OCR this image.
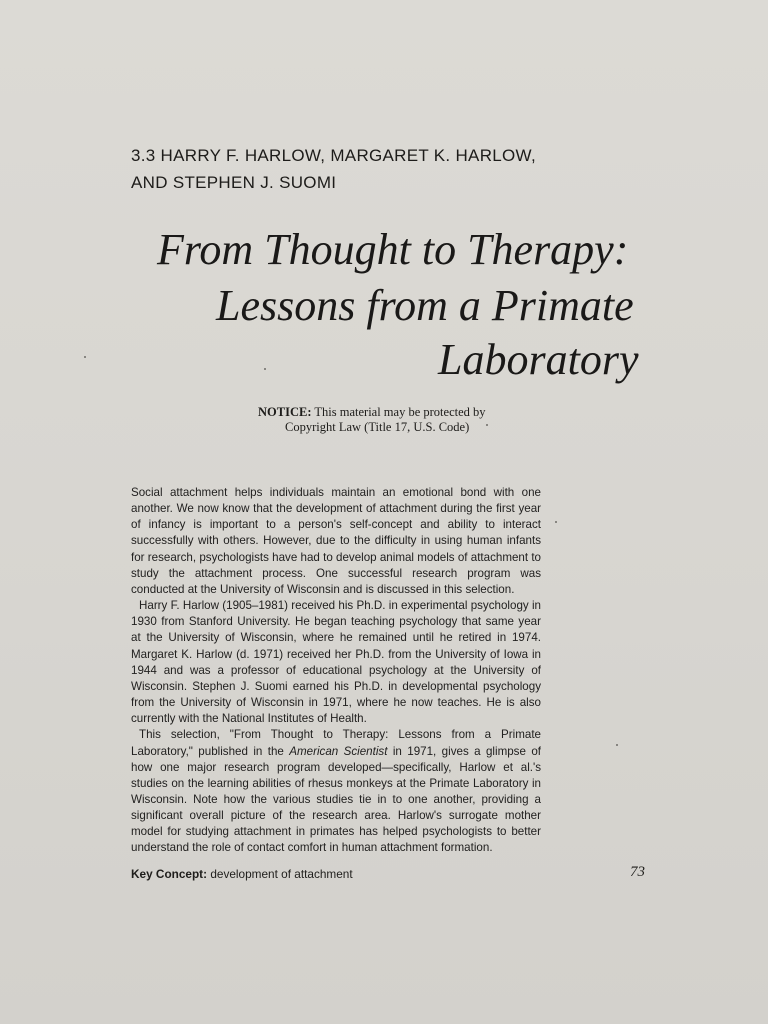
3.3 HARRY F. HARLOW, MARGARET K. HARLOW,
AND STEPHEN J. SUOMI
From Thought to Therapy:
Lessons from a Primate
Laboratory
NOTICE: This material may be protected by
Copyright Law (Title 17, U.S. Code)

Social attachment helps individuals maintain an emotional bond with one another. We now know that the development of attachment during the first year of infancy is important to a person's self-concept and ability to interact successfully with others. However, due to the difficulty in using human infants for research, psychologists have had to develop animal models of attachment to study the attachment process. One successful research program was conducted at the University of Wisconsin and is discussed in this selection.

Harry F. Harlow (1905–1981) received his Ph.D. in experimental psychology in 1930 from Stanford University. He began teaching psychology that same year at the University of Wisconsin, where he remained until he retired in 1974. Margaret K. Harlow (d. 1971) received her Ph.D. from the University of Iowa in 1944 and was a professor of educational psychology at the University of Wisconsin. Stephen J. Suomi earned his Ph.D. in developmental psychology from the University of Wisconsin in 1971, where he now teaches. He is also currently with the National Institutes of Health.

This selection, "From Thought to Therapy: Lessons from a Primate Laboratory," published in the American Scientist in 1971, gives a glimpse of how one major research program developed—specifically, Harlow et al.'s studies on the learning abilities of rhesus monkeys at the Primate Laboratory in Wisconsin. Note how the various studies tie in to one another, providing a significant overall picture of the research area. Harlow's surrogate mother model for studying attachment in primates has helped psychologists to better understand the role of contact comfort in human attachment formation.

Key Concept: development of attachment	73
